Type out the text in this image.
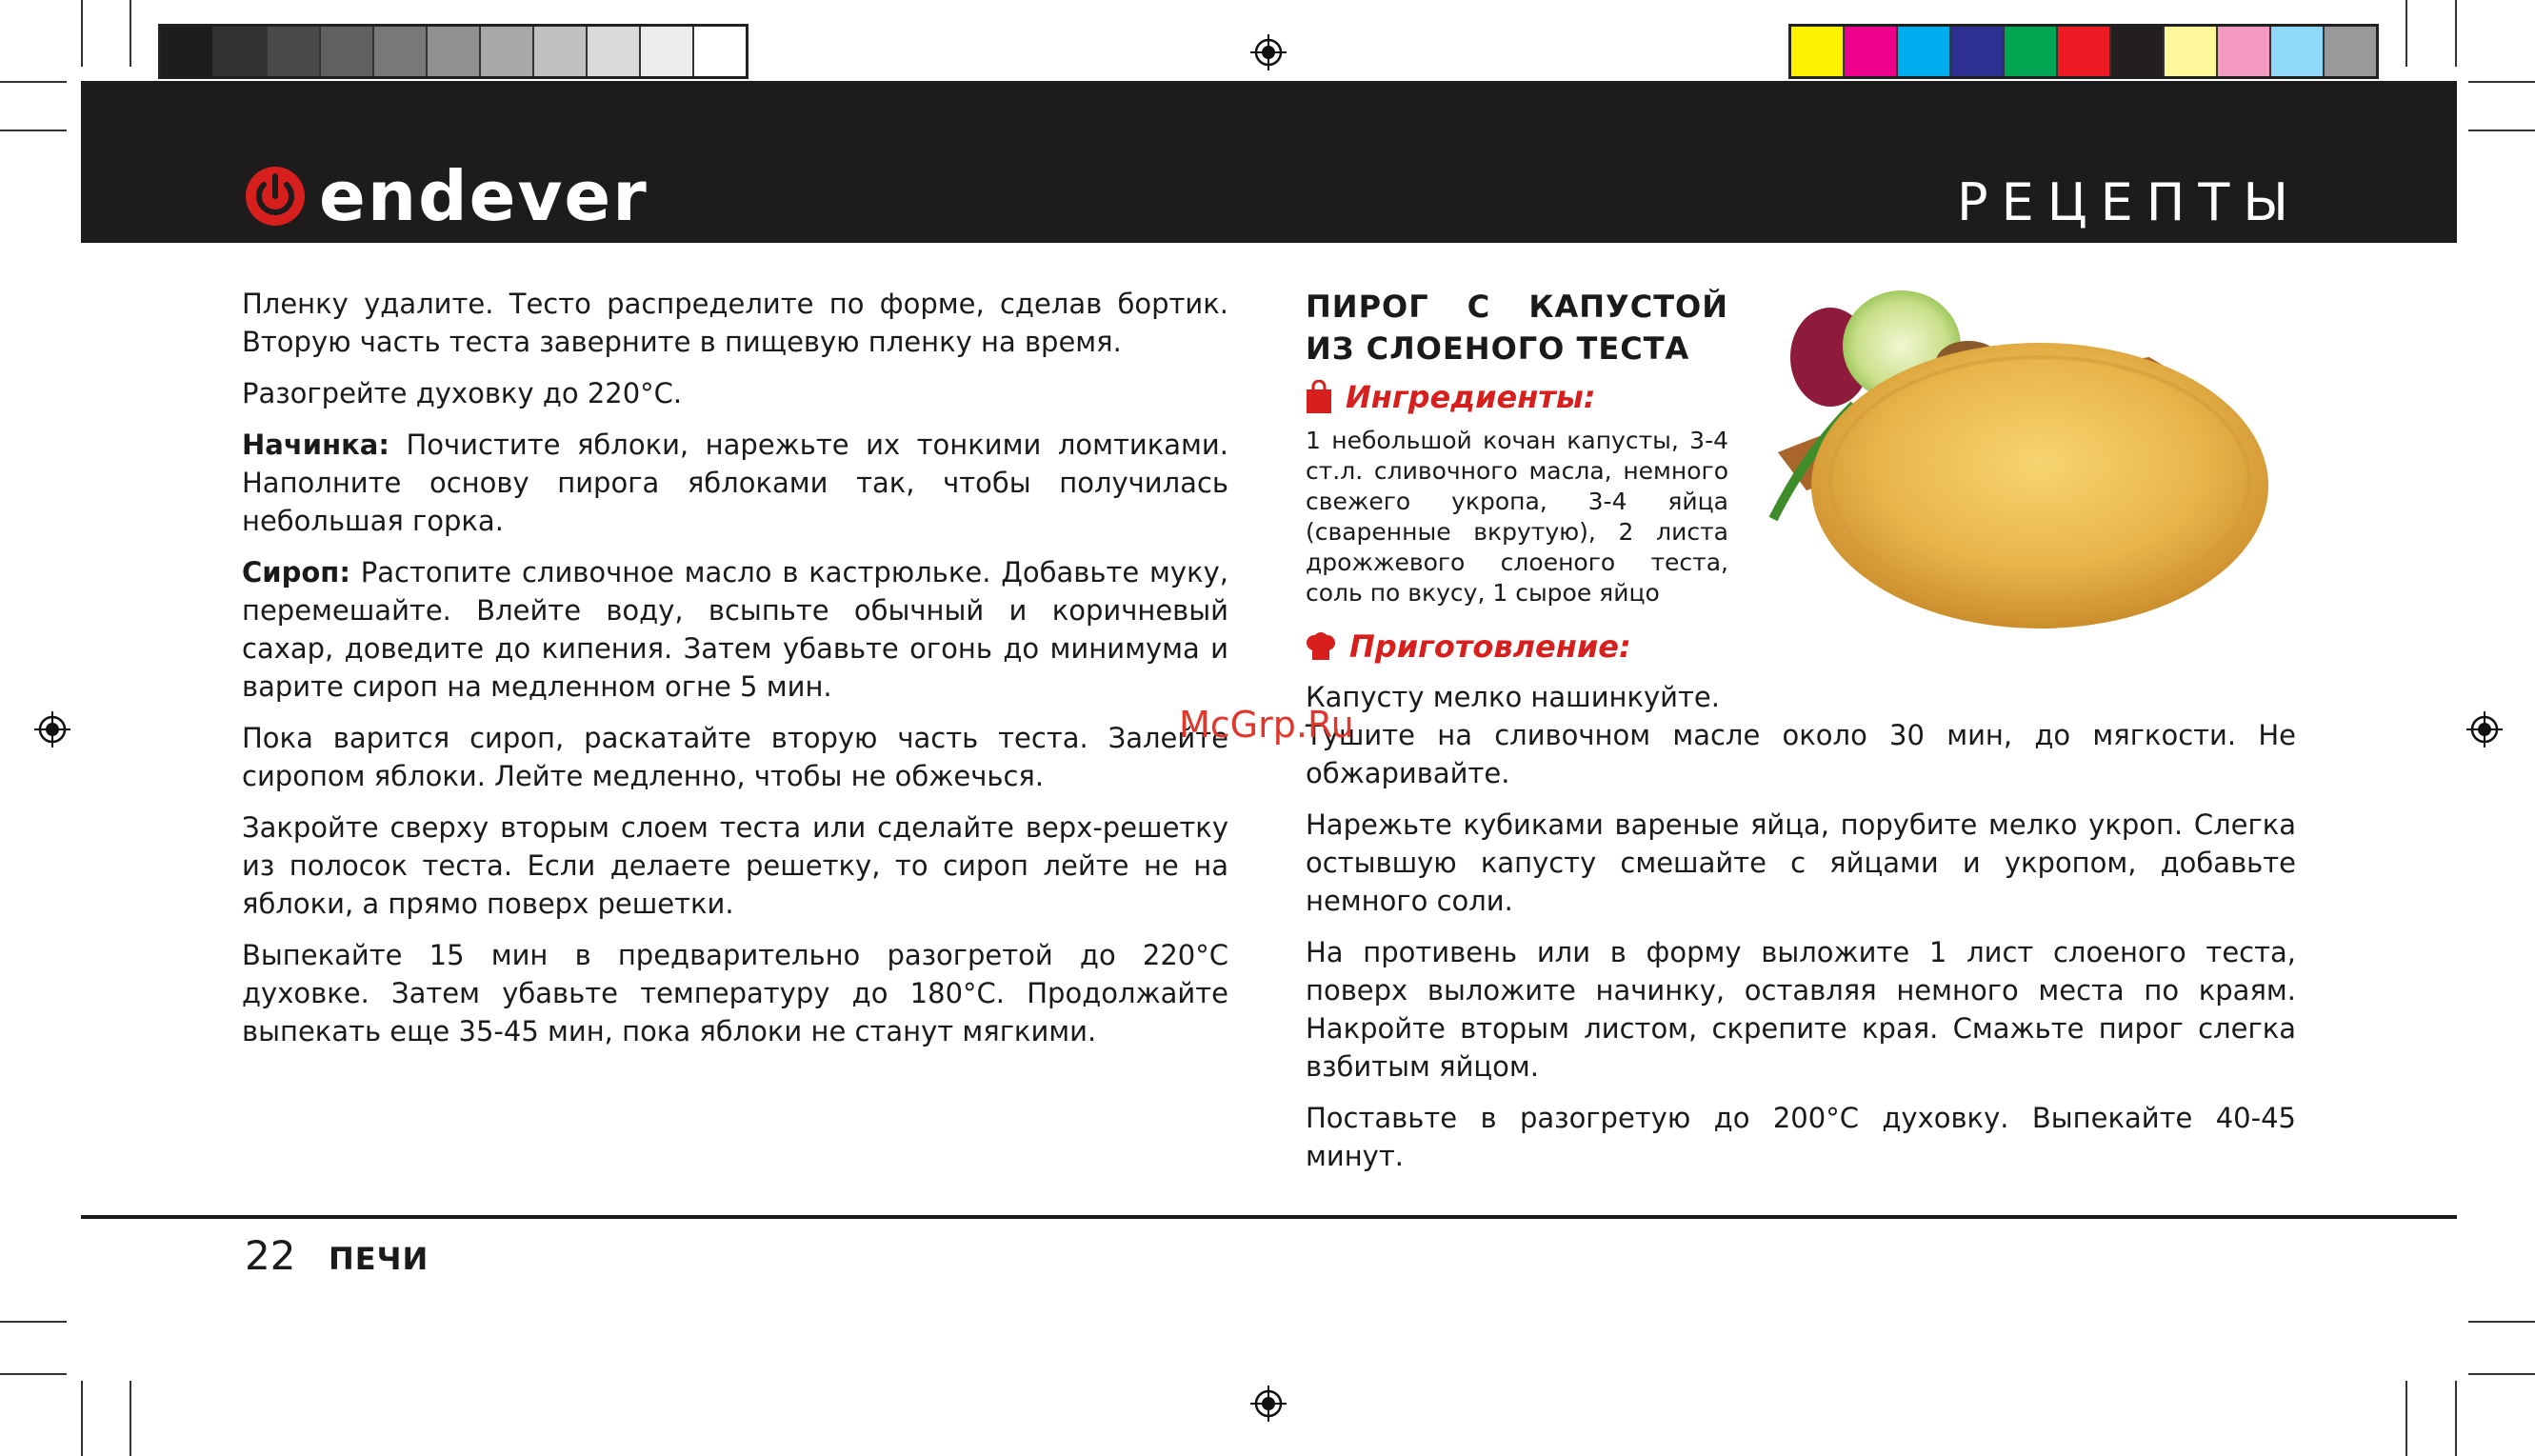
endever	РЕЦЕПТЫ

Пленку удалите. Тесто распределите по форме, сделав бортик. Вторую часть теста заверните в пищевую пленку на время.

Разогрейте духовку до 220°С.

Начинка: Почистите яблоки, нарежьте их тонкими ломтиками. Наполните основу пирога яблоками так, чтобы получилась небольшая горка.

Сироп: Растопите сливочное масло в кастрюльке. Добавьте муку, перемешайте. Влейте воду, всыпьте обычный и коричневый сахар, доведите до кипения. Затем убавьте огонь до минимума и варите сироп на медленном огне 5 мин.

Пока варится сироп, раскатайте вторую часть теста. Залейте сиропом яблоки. Лейте медленно, чтобы не обжечься.

Закройте сверху вторым слоем теста или сделайте верх-решетку из полосок теста. Если делаете решетку, то сироп лейте не на яблоки, а прямо поверх решетки.

Выпекайте 15 мин в предварительно разогретой до 220°С духовке. Затем убавьте температуру до 180°С. Продолжайте выпекать еще 35-45 мин, пока яблоки не станут мягкими.

ПИРОГ С КАПУСТОЙ ИЗ СЛОЕНОГО ТЕСТА
Ингредиенты:
1 небольшой кочан капусты, 3-4 ст.л. сливочного масла, немного свежего укропа, 3-4 яйца (сваренные вкрутую), 2 листа дрожжевого слоеного теста, соль по вкусу, 1 сырое яйцо
Приготовление:
Капусту мелко нашинкуйте.

Тушите на сливочном масле около 30 мин, до мягкости. Не обжаривайте.

Нарежьте кубиками вареные яйца, порубите мелко укроп. Слегка остывшую капусту смешайте с яйцами и укропом, добавьте немного соли.

На противень или в форму выложите 1 лист слоеного теста, поверх выложите начинку, оставляя немного места по краям. Накройте вторым листом, скрепите края. Смажьте пирог слегка взбитым яйцом.

Поставьте в разогретую до 200°С духовку. Выпекайте 40-45 минут.

McGrp.Ru
22 ПЕЧИ
